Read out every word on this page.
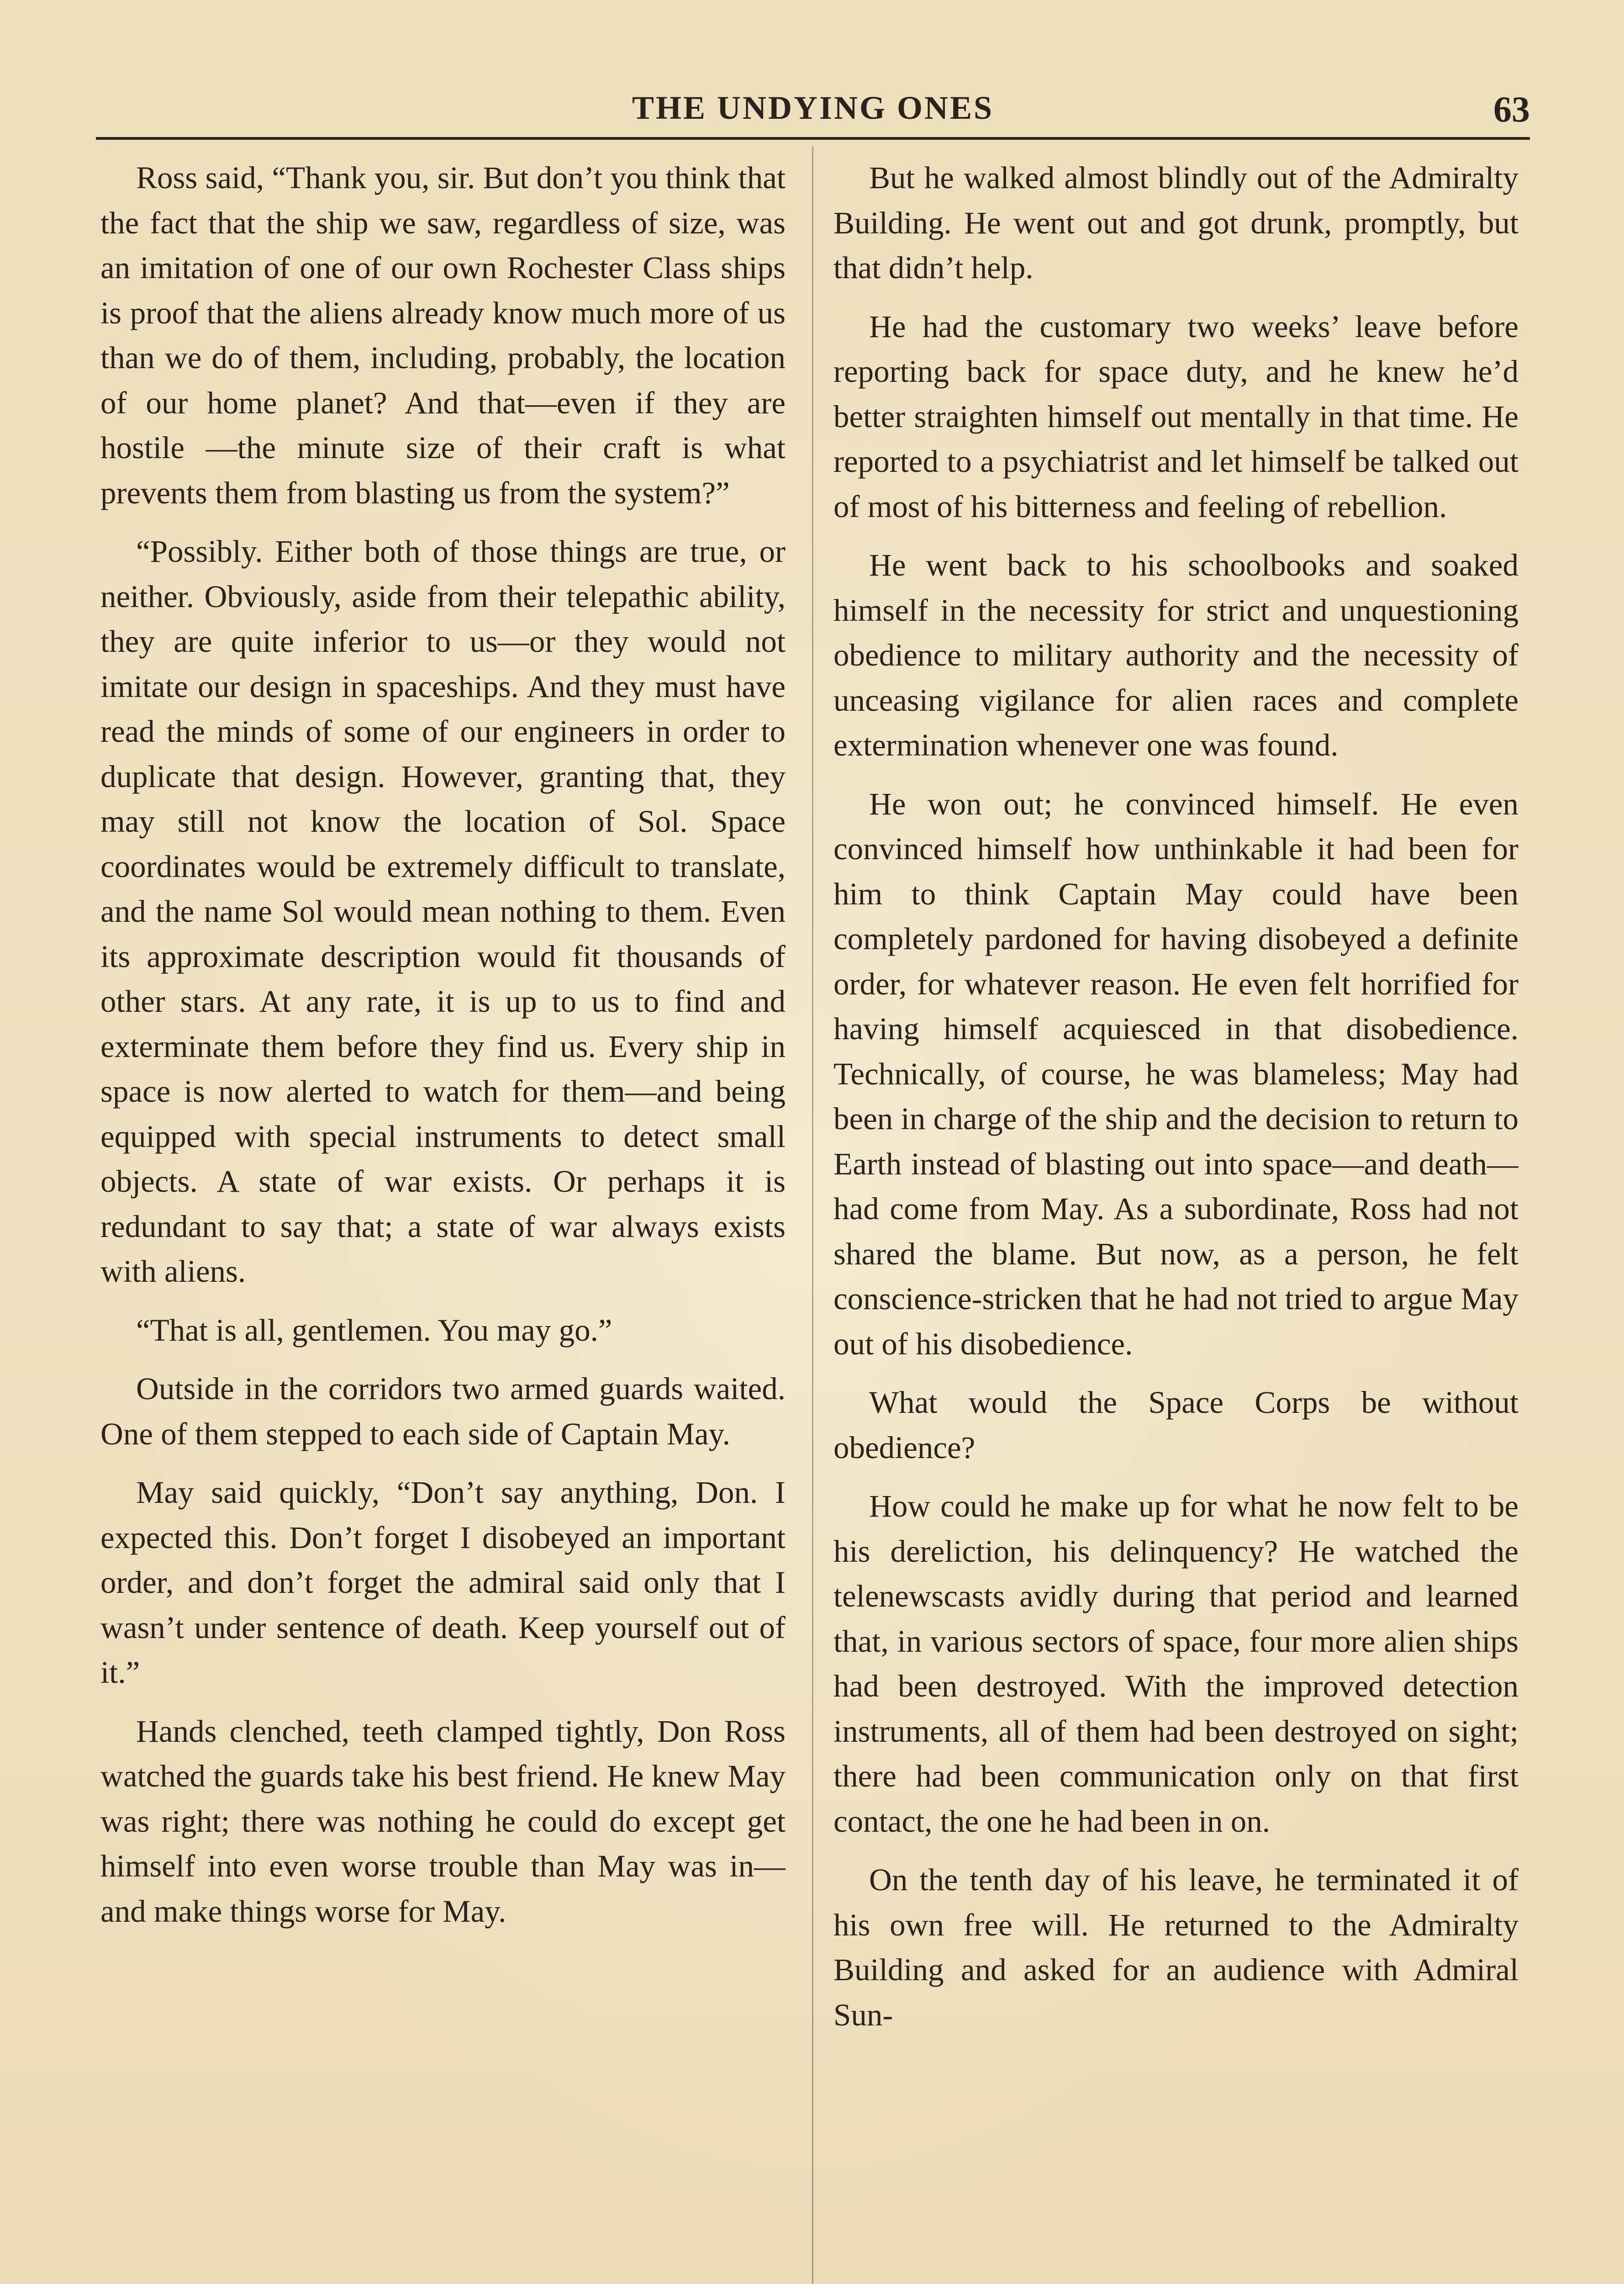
THE UNDYING ONES	63

Ross said, “Thank you, sir. But don’t you think that the fact that the ship we saw, regardless of size, was an imitation of one of our own Rochester Class ships is proof that the aliens already know much more of us than we do of them, including, probably, the location of our home planet? And that—even if they are hostile —the minute size of their craft is what prevents them from blasting us from the system?”

“Possibly. Either both of those things are true, or neither. Obviously, aside from their telepathic ability, they are quite inferior to us—or they would not imitate our design in spaceships. And they must have read the minds of some of our engineers in order to duplicate that design. However, granting that, they may still not know the location of Sol. Space coordinates would be extremely difficult to translate, and the name Sol would mean nothing to them. Even its approximate description would fit thousands of other stars. At any rate, it is up to us to find and exterminate them before they find us. Every ship in space is now alerted to watch for them—and being equipped with special instruments to detect small objects. A state of war exists. Or perhaps it is redundant to say that; a state of war always exists with aliens.

“That is all, gentlemen. You may go.”

Outside in the corridors two armed guards waited. One of them stepped to each side of Captain May.

May said quickly, “Don’t say anything, Don. I expected this. Don’t forget I disobeyed an important order, and don’t forget the admiral said only that I wasn’t under sentence of death. Keep yourself out of it.”

Hands clenched, teeth clamped tightly, Don Ross watched the guards take his best friend. He knew May was right; there was nothing he could do except get himself into even worse trouble than May was in—and make things worse for May.

But he walked almost blindly out of the Admiralty Building. He went out and got drunk, promptly, but that didn’t help.

He had the customary two weeks’ leave before reporting back for space duty, and he knew he’d better straighten himself out mentally in that time. He reported to a psychiatrist and let himself be talked out of most of his bitterness and feeling of rebellion.

He went back to his schoolbooks and soaked himself in the necessity for strict and unquestioning obedience to military authority and the necessity of unceasing vigilance for alien races and complete extermination whenever one was found.

He won out; he convinced himself. He even convinced himself how unthinkable it had been for him to think Captain May could have been completely pardoned for having disobeyed a definite order, for whatever reason. He even felt horrified for having himself acquiesced in that disobedience. Technically, of course, he was blameless; May had been in charge of the ship and the decision to return to Earth instead of blasting out into space—and death—had come from May. As a subordinate, Ross had not shared the blame. But now, as a person, he felt conscience-stricken that he had not tried to argue May out of his disobedience.

What would the Space Corps be without obedience?

How could he make up for what he now felt to be his dereliction, his delinquency? He watched the telenewscasts avidly during that period and learned that, in various sectors of space, four more alien ships had been destroyed. With the improved detection instruments, all of them had been destroyed on sight; there had been communication only on that first contact, the one he had been in on.

On the tenth day of his leave, he terminated it of his own free will. He returned to the Admiralty Building and asked for an audience with Admiral Sun-
